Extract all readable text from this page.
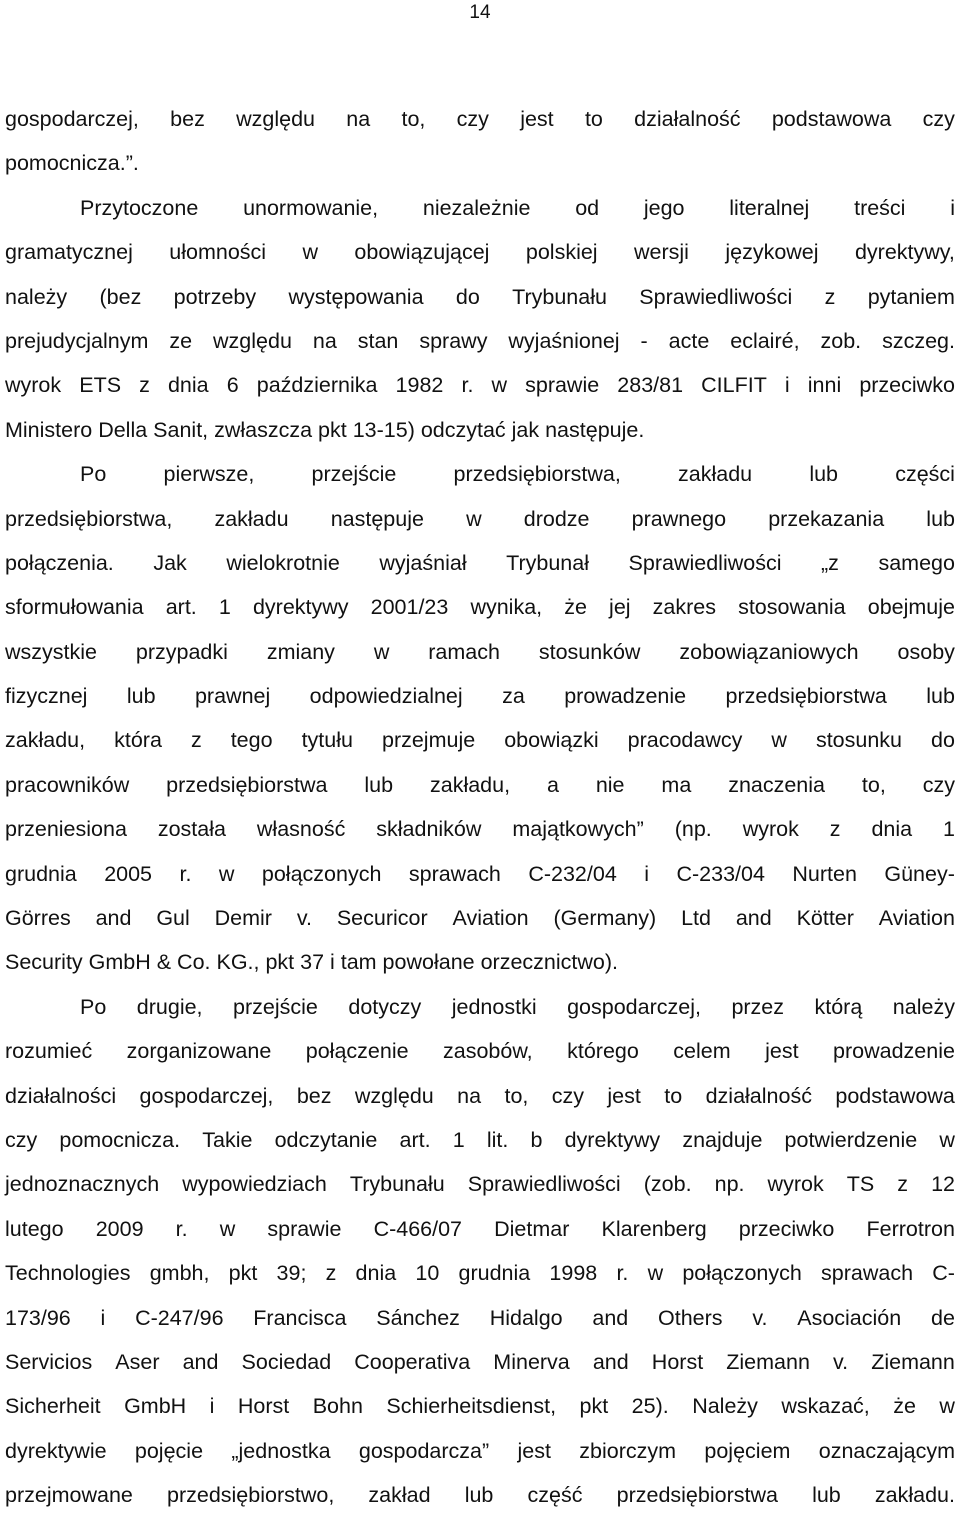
14
gospodarczej, bez względu na to, czy jest to działalność podstawowa czy
pomocnicza.”.
Przytoczone unormowanie, niezależnie od jego literalnej treści i
gramatycznej ułomności w obowiązującej polskiej wersji językowej dyrektywy,
należy (bez potrzeby występowania do Trybunału Sprawiedliwości z pytaniem
prejudycjalnym ze względu na stan sprawy wyjaśnionej - acte eclairé, zob. szczeg.
wyrok ETS z dnia 6 października 1982 r. w sprawie 283/81 CILFIT i inni przeciwko
Ministero Della Sanit, zwłaszcza pkt 13-15) odczytać jak następuje.
Po	pierwsze,	przejście	przedsiębiorstwa,	zakładu	lub	części
przedsiębiorstwa, zakładu następuje w drodze prawnego przekazania lub
połączenia. Jak wielokrotnie wyjaśniał Trybunał Sprawiedliwości „z samego
sformułowania art. 1 dyrektywy 2001/23 wynika, że jej zakres stosowania obejmuje
wszystkie przypadki zmiany w ramach stosunków zobowiązaniowych osoby
fizycznej lub prawnej odpowiedzialnej za prowadzenie przedsiębiorstwa lub
zakładu, która z tego tytułu przejmuje obowiązki pracodawcy w stosunku do
pracowników przedsiębiorstwa lub zakładu, a nie ma znaczenia to, czy
przeniesiona została własność składników majątkowych” (np. wyrok z dnia 1
grudnia 2005 r. w połączonych sprawach C-232/04 i C-233/04 Nurten Güney-
Görres and Gul Demir v. Securicor Aviation (Germany) Ltd and Kötter Aviation
Security GmbH & Co. KG., pkt 37 i tam powołane orzecznictwo).
Po drugie, przejście dotyczy jednostki gospodarczej, przez którą należy
rozumieć zorganizowane połączenie zasobów, którego celem jest prowadzenie
działalności gospodarczej, bez względu na to, czy jest to działalność podstawowa
czy pomocnicza. Takie odczytanie art. 1 lit. b dyrektywy znajduje potwierdzenie w
jednoznacznych wypowiedziach Trybunału Sprawiedliwości (zob. np. wyrok TS z 12
lutego 2009 r. w sprawie C-466/07 Dietmar Klarenberg przeciwko Ferrotron
Technologies gmbh, pkt 39; z dnia 10 grudnia 1998 r. w połączonych sprawach C-
173/96 i C-247/96 Francisca Sánchez Hidalgo and Others v. Asociación de
Servicios Aser and Sociedad Cooperativa Minerva and Horst Ziemann v. Ziemann
Sicherheit GmbH i Horst Bohn Schierheitsdienst, pkt 25). Należy wskazać, że w
dyrektywie pojęcie „jednostka gospodarcza” jest zbiorczym pojęciem oznaczającym
przejmowane przedsiębiorstwo, zakład lub część przedsiębiorstwa lub zakładu.
